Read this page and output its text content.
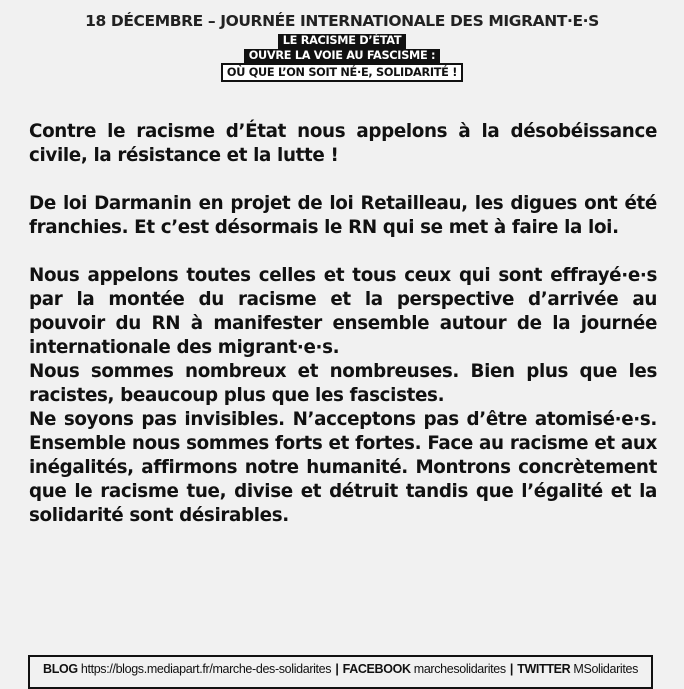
18 DÉCEMBRE – JOURNÉE INTERNATIONALE DES MIGRANT·E·S
LE RACISME D’ÉTAT
OUVRE LA VOIE AU FASCISME :
OÙ QUE L’ON SOIT NÉ·E, SOLIDARITÉ !

Contre le racisme d’État nous appelons à la désobéissance civile, la résistance et la lutte !

De loi Darmanin en projet de loi Retailleau, les digues ont été franchies. Et c’est désormais le RN qui se met à faire la loi.

Nous appelons toutes celles et tous ceux qui sont effrayé·e·s par la montée du racisme et la perspective d’arrivée au pouvoir du RN à manifester ensemble autour de la journée internationale des migrant·e·s.

Nous sommes nombreux et nombreuses. Bien plus que les racistes, beaucoup plus que les fascistes.

Ne soyons pas invisibles. N’acceptons pas d’être atomisé·e·s. Ensemble nous sommes forts et fortes. Face au racisme et aux inégalités, affirmons notre humanité. Montrons concrètement que le racisme tue, divise et détruit tandis que l’égalité et la solidarité sont désirables.

BLOG https://blogs.mediapart.fr/marche-des-solidarites | FACEBOOK marchesolidarites | TWITTER MSolidarites
